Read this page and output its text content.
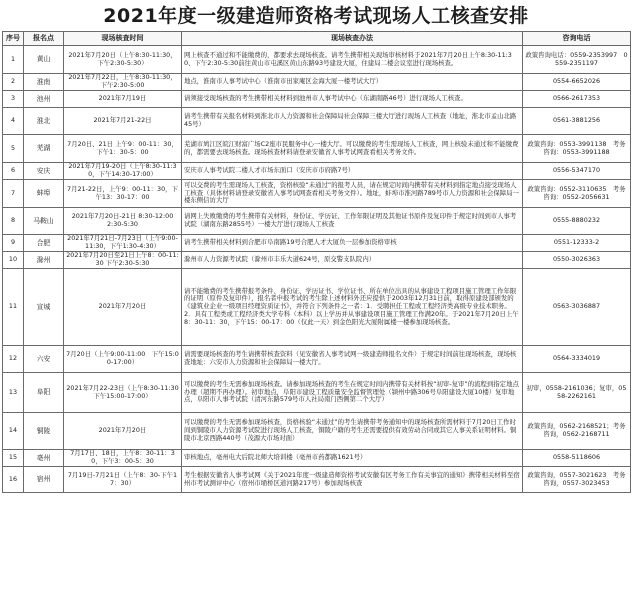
2021年度一级建造师资格考试现场人工核查安排
序号	报名点	现场核查时间	现场核查办法	咨询电话
1	黄山	2021年7月20日（上午8:30-11:30，下午2:30-5:30）	网上核查不通过和不能缴费的，都要求去现场核查。请考生携带相关现场审核材料于2021年7月20日上午8:30-11:30、下午2:30-5:30前往黄山市屯溪区黄山东路93号建设大厦，住建局二楼会议室进行现场核查。	政策咨询电话：0559-2353997　0559-2351197
2	淮南	2021年7月22日，上午8:30-11:30，下午2:30-5:00	地点，淮南市人事考试中心（淮南市田家庵区金海大厦一楼考试大厅）	0554-6652026
3	池州	2021年7月19日	请须接受现场核查的考生携带相关材料到池州市人事考试中心（东湖南路46号）进行现场人工核查。	0566-2617353
4	淮北	2021年7月21-22日	请考生携带有关报名材料到淮北市人力资源和社会保障局社会保障三楼大厅进行现场人工核查（地址，淮北市孟山北路45号）	0561-3881256
5	芜湖	7月20日、21日 上午9：00-11：30，下午1：30-5：00	芜湖市鸠江区皖江财富广场C2座市民服务中心一楼大厅。可以缴费的考生需现场人工核查，网上核验未通过和不能缴费的，都需要去现场核查。现场核查材料请登录安徽省人事考试网查看相关考务文件。	政策咨询：0553-3991138　考务咨询：0553-3991188
6	安庆	2021年7月19-20日（上午8:30-11:30，下午14:30-17:00）	安庆市人事考试院二楼人才市场东面口（安庆市市府路7号）	0556-5347170
7	蚌埠	7月21-22日，上午9：00-11：30，下午13：30-17：00	可以交费的考生需现场人工核查，资格核验“未通过”的报考人员，请在规定时间内携带有关材料到指定地点接受现场人工核查（具体材料请登录安徽省人事考试网查看相关考务文件）。地址，蚌埠市淮河路789号市人力资源和社会保障局一楼东侧信访大厅	政策咨询：0552-3110635　考务咨询：0552-2056631
8	马鞍山	2021年7月20日-21日 8:30-12:00　2:30-5:30	请网上失败缴费的考生携带有关材料，身份证、学历证、工作年限证明及其他证书原件及复印件于规定时间到市人事考试院（湖南东路2855号）一楼大厅进行现场人工核查	0555-8880232
9	合肥	2021年7月21日-7月23日（上午9:00-11:30，下午1:30-4:30）	请考生携带相关材料到合肥市阜南路19号合肥人才大厦负一层参加资格审核	0551-12333-2
10	滁州	2021年7月20日至21日上午8：00-11:30 下午2:30-5:30	滁州市人力资源考试院（滁州市丰乐大道624号，原交警支队院内）	0550-3026363
11	宣城	2021年7月20日	请不能缴费的考生携带报考条件、身份证、学历证书、学位证书、所在单位出具的从事建设工程项目施工管理工作年限的证明（原件及复印件），报名者申报考试的考生除上述材料外还应提供于2003年12月31日前，取得原建设部颁发的《建筑业企业一级项目经理资质证书》，并符合下列条件之一者：1．受聘担任工程或工程经济类高级专业技术职务。2．具有工程类或工程经济类大学专科（本科）以上学历并从事建设项目施工管理工作满20年。于2021年7月20日上午8：30-11：30，下午15：00-17：00（仅此一天）到金色阳光大厦附属楼一楼参加现场核查。	0563-3036887
12	六安	7月20日（上午9:00-11:00　下午15:00-17:00）	请需要现场核查的考生请携带核查资料（见安徽省人事考试网一级建造师报名文件）于规定时间前往现场核查，现场核查地址：六安市人力资源和社会保障局一楼大厅。	0564-3334019
13	阜阳	2021年7月22-23日（上午8:30-11:30　下午15:00-17:00）	可以缴费的考生无需参加现场核查。请参加现场核查的考生在规定时间内携带有关材料按“初审-复审”的流程到指定地点办理（超期不再办理）。初审地点，阜阳市建设工程质量安全监督管理处（颍州中路306号阜阳建设大厦10楼）复审地点，阜阳市人事考试院（清河东路579号市人社局南门西侧第二个大厅）	初审，0558-2161036；复审，0558-2262161
14	铜陵	2021年7月20日	可以缴费的考生无需参加现场核查，资格核验“未通过”的考生请携带考务通知中的现场核查所需材料于7月20日工作时间到铜陵市人力资源考试院进行现场人工核查，铜陵户籍的考生还需要提供有效劳动合同或其它人事关系证明材料。铜陵市北京西路440号（茂源大市场对面）	政策咨询，0562-2168521；考务咨询，0562-2168711
15	亳州	7月17日、18日，上午8：30-11：30，下午3：00-5：30	审核地点，亳州电大后院北师大培训楼（亳州市药都路1621号）	0558-5118606
16	宿州	7月19日-7月21日（上午8：30-下午17：30）	考生根据安徽省人事考试网《关于2021年度一级建造师资格考试安徽有区考务工作有关事宜的通知》携带相关材料至宿州市考试测评中心（宿州市埇桥区道河路217号）参加现场核查	政策咨询，0557-3021623　考务咨询，0557-3023453
